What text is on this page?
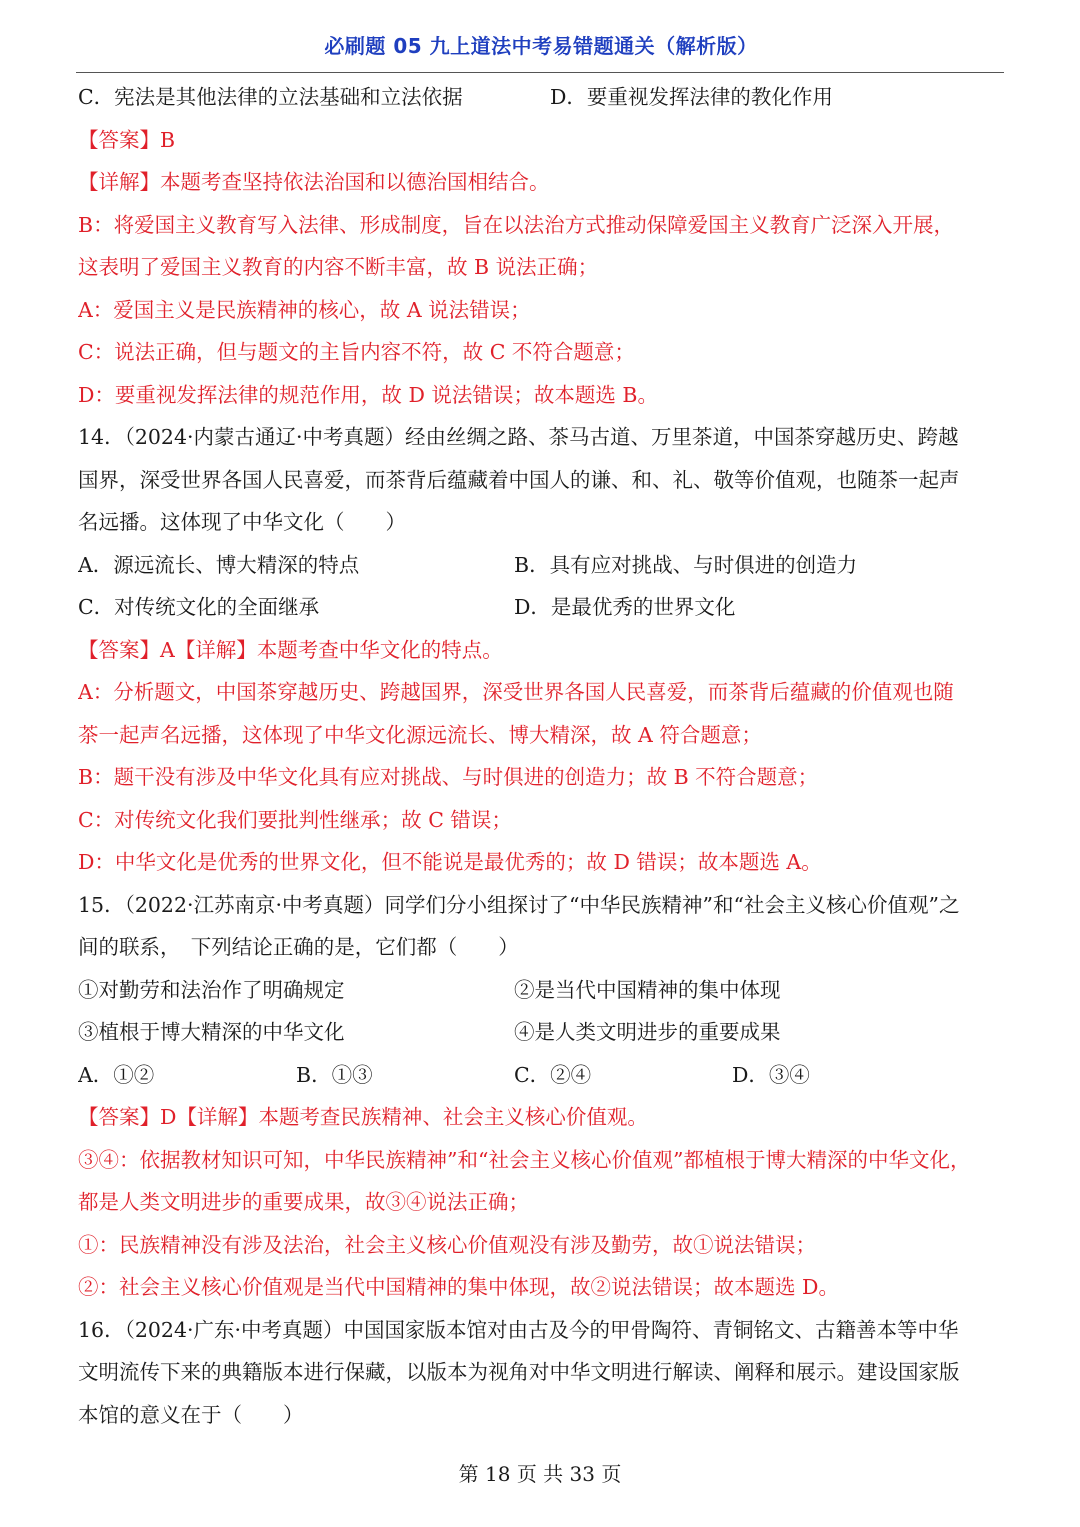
必刷题 05 九上道法中考易错题通关（解析版）
C．宪法是其他法律的立法基础和立法依据	D．要重视发挥法律的教化作用
【答案】B
【详解】本题考查坚持依法治国和以德治国相结合。
B：将爱国主义教育写入法律、形成制度，旨在以法治方式推动保障爱国主义教育广泛深入开展，
这表明了爱国主义教育的内容不断丰富，故 B 说法正确；
A：爱国主义是民族精神的核心，故 A 说法错误；
C：说法正确，但与题文的主旨内容不符，故 C 不符合题意；
D：要重视发挥法律的规范作用，故 D 说法错误；故本题选 B。
14．（2024·内蒙古通辽·中考真题）经由丝绸之路、茶马古道、万里茶道，中国茶穿越历史、跨越
国界，深受世界各国人民喜爱，而茶背后蕴藏着中国人的谦、和、礼、敬等价值观，也随茶一起声
名远播。这体现了中华文化（　　）
A．源远流长、博大精深的特点	B．具有应对挑战、与时俱进的创造力
C．对传统文化的全面继承	D．是最优秀的世界文化
【答案】A【详解】本题考查中华文化的特点。
A：分析题文，中国茶穿越历史、跨越国界，深受世界各国人民喜爱，而茶背后蕴藏的价值观也随
茶一起声名远播，这体现了中华文化源远流长、博大精深，故 A 符合题意；
B：题干没有涉及中华文化具有应对挑战、与时俱进的创造力；故 B 不符合题意；
C：对传统文化我们要批判性继承；故 C 错误；
D：中华文化是优秀的世界文化，但不能说是最优秀的；故 D 错误；故本题选 A。
15．（2022·江苏南京·中考真题）同学们分小组探讨了“中华民族精神”和“社会主义核心价值观”之
间的联系，　下列结论正确的是，它们都（　　）
①对勤劳和法治作了明确规定	②是当代中国精神的集中体现
③植根于博大精深的中华文化	④是人类文明进步的重要成果
A．①②	B．①③	C．②④	D．③④
【答案】D【详解】本题考查民族精神、社会主义核心价值观。
③④：依据教材知识可知，中华民族精神”和“社会主义核心价值观”都植根于博大精深的中华文化，
都是人类文明进步的重要成果，故③④说法正确；
①：民族精神没有涉及法治，社会主义核心价值观没有涉及勤劳，故①说法错误；
②：社会主义核心价值观是当代中国精神的集中体现，故②说法错误；故本题选 D。
16．（2024·广东·中考真题）中国国家版本馆对由古及今的甲骨陶符、青铜铭文、古籍善本等中华
文明流传下来的典籍版本进行保藏，以版本为视角对中华文明进行解读、阐释和展示。建设国家版
本馆的意义在于（　　）
第 18 页 共 33 页
